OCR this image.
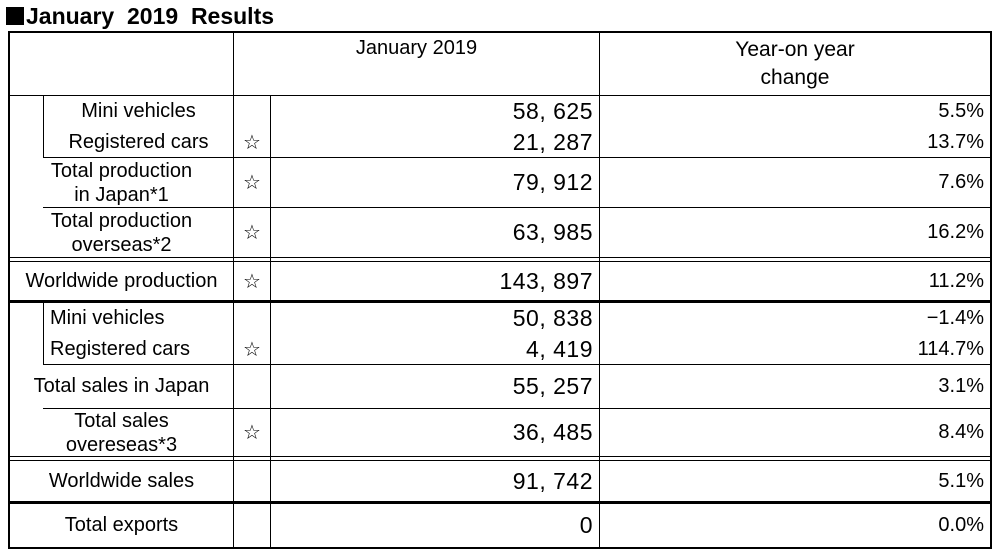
January  2019  Results
January 2019	Year-on year
change
Mini vehicles	58, 625	5.5%
Registered cars ☆	21, 287	13.7%
Total production
in Japan*1
☆	79, 912	7.6%
Total production
overseas*2
☆	63, 985	16.2%
Worldwide production ☆	143, 897	11.2%
Mini vehicles	50, 838	−1.4%
Registered cars	☆	4, 419	114.7%
Total sales in Japan	55, 257	3.1%
Total sales
overeseas*3
☆	36, 485	8.4%
Worldwide sales	91, 742	5.1%
Total exports	0	0.0%
